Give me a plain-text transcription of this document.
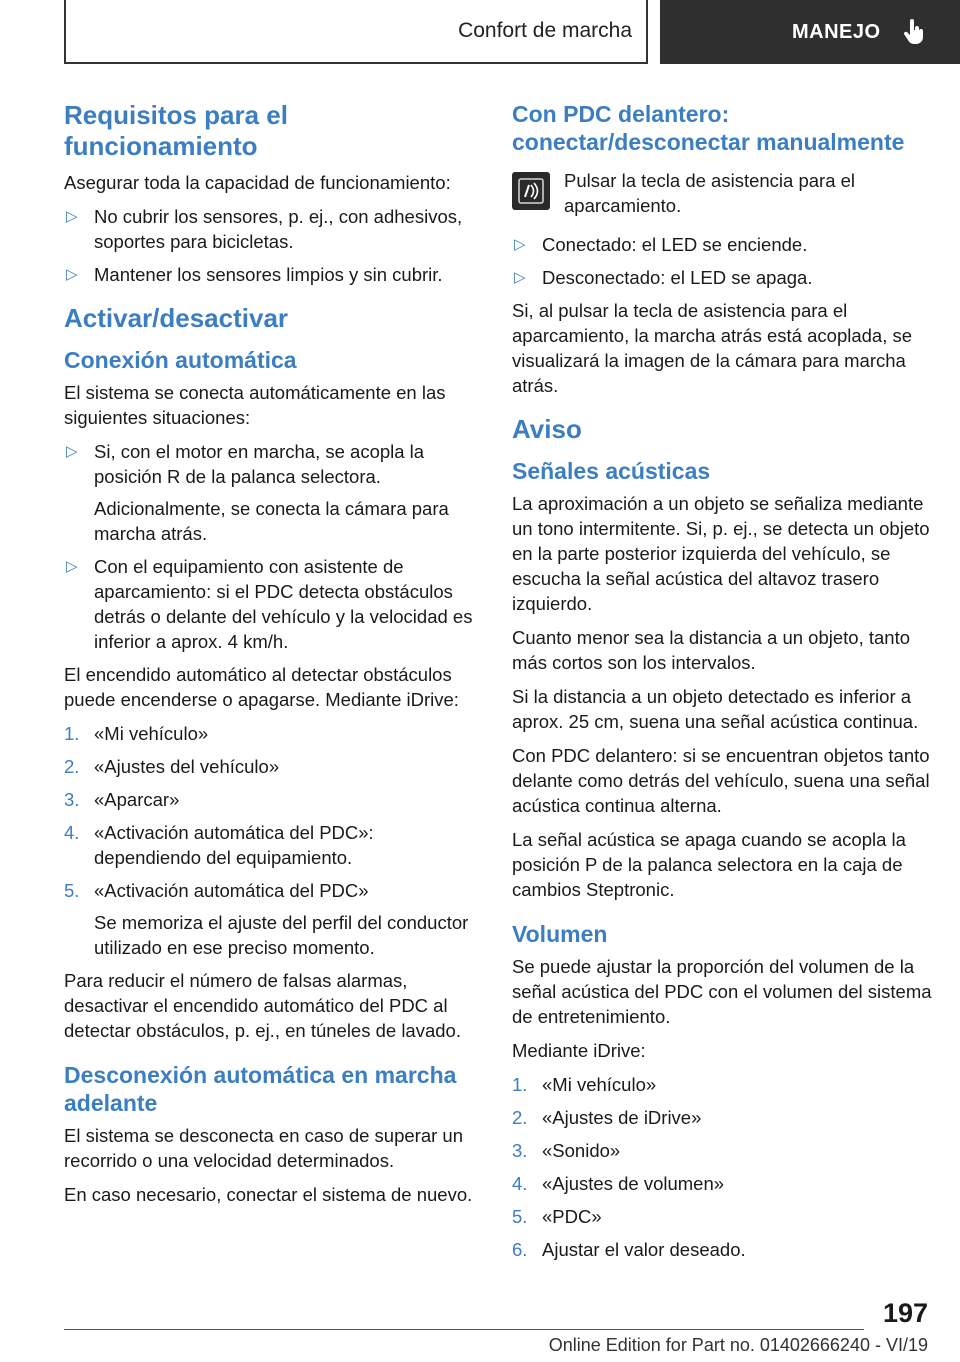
Confort de marcha	MANEJO
Requisitos para el funcionamiento

Asegurar toda la capacidad de funcionamiento:

▷ No cubrir los sensores, p. ej., con adhesivos, soportes para bicicletas.
▷ Mantener los sensores limpios y sin cubrir.
Activar/desactivar
Conexión automática

El sistema se conecta automáticamente en las siguientes situaciones:

▷ Si, con el motor en marcha, se acopla la posición R de la palanca selectora.

Adicionalmente, se conecta la cámara para marcha atrás.

▷ Con el equipamiento con asistente de aparcamiento: si el PDC detecta obstáculos detrás o delante del vehículo y la velocidad es inferior a aprox. 4 km/h.

El encendido automático al detectar obstáculos puede encenderse o apagarse. Mediante iDrive:

1. «Mi vehículo»
2. «Ajustes del vehículo»
3. «Aparcar»
4. «Activación automática del PDC»: dependiendo del equipamiento.
5. «Activación automática del PDC»

Se memoriza el ajuste del perfil del conductor utilizado en ese preciso momento.

Para reducir el número de falsas alarmas, desactivar el encendido automático del PDC al detectar obstáculos, p. ej., en túneles de lavado.

Desconexión automática en marcha adelante

El sistema se desconecta en caso de superar un recorrido o una velocidad determinados.

En caso necesario, conectar el sistema de nuevo.

Con PDC delantero: conectar/desconectar manualmente

Pulsar la tecla de asistencia para el aparcamiento.

▷ Conectado: el LED se enciende.
▷ Desconectado: el LED se apaga.

Si, al pulsar la tecla de asistencia para el aparcamiento, la marcha atrás está acoplada, se visualizará la imagen de la cámara para marcha atrás.

Aviso
Señales acústicas

La aproximación a un objeto se señaliza mediante un tono intermitente. Si, p. ej., se detecta un objeto en la parte posterior izquierda del vehículo, se escucha la señal acústica del altavoz trasero izquierdo.

Cuanto menor sea la distancia a un objeto, tanto más cortos son los intervalos.

Si la distancia a un objeto detectado es inferior a aprox. 25 cm, suena una señal acústica continua.

Con PDC delantero: si se encuentran objetos tanto delante como detrás del vehículo, suena una señal acústica continua alterna.

La señal acústica se apaga cuando se acopla la posición P de la palanca selectora en la caja de cambios Steptronic.

Volumen

Se puede ajustar la proporción del volumen de la señal acústica del PDC con el volumen del sistema de entretenimiento.

Mediante iDrive:

1. «Mi vehículo»
2. «Ajustes de iDrive»
3. «Sonido»
4. «Ajustes de volumen»
5. «PDC»
6. Ajustar el valor deseado.
197
Online Edition for Part no. 01402666240 - VI/19
